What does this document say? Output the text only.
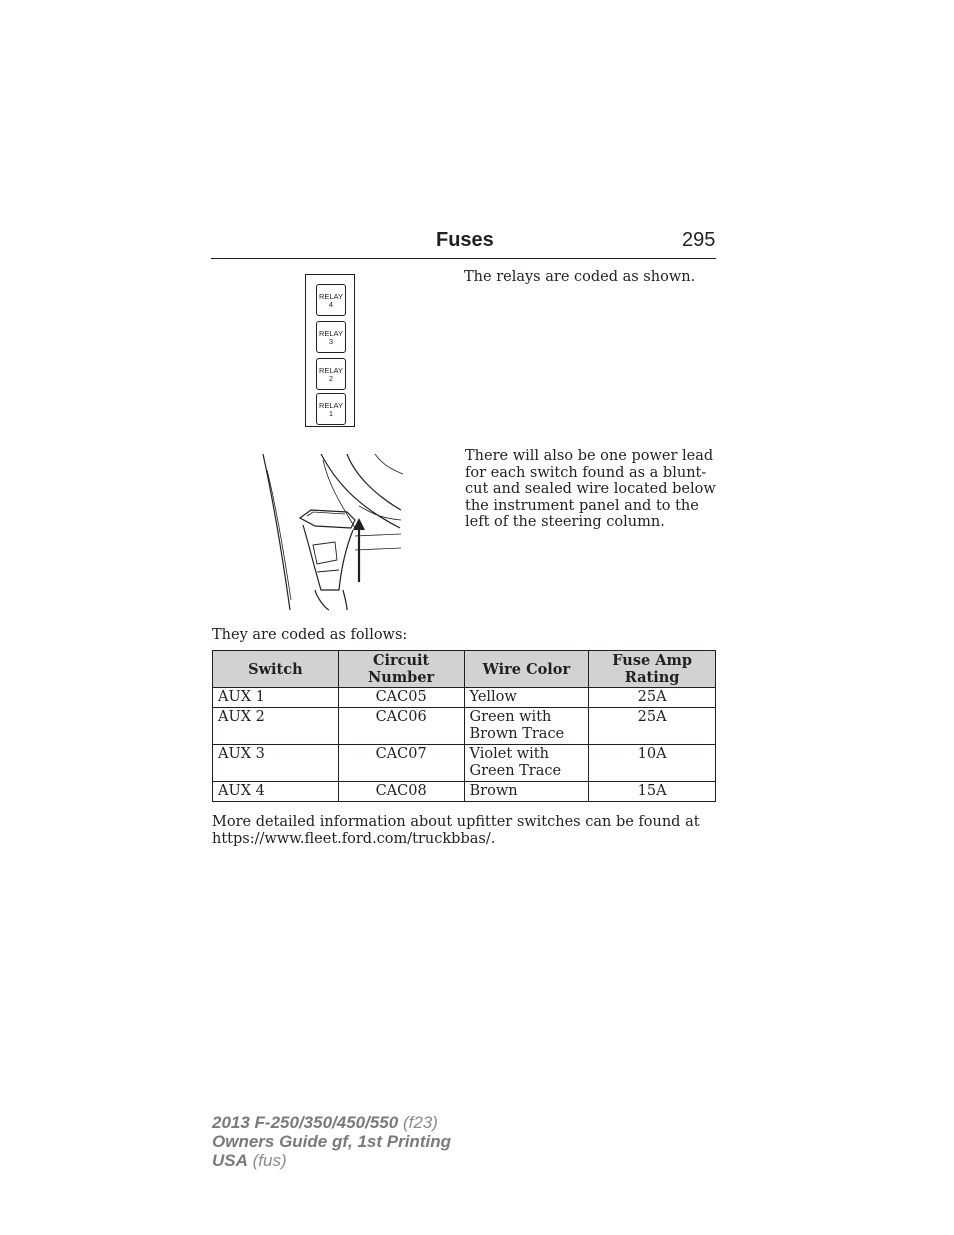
Fuses	295
RELAY
4
RELAY
3
RELAY
2
RELAY
1
The relays are coded as shown.
There will also be one power lead for each switch found as a blunt-cut and sealed wire located below the instrument panel and to the left of the steering column.
They are coded as follows:
Switch	Circuit Number	Wire Color	Fuse Amp Rating
AUX 1	CAC05	Yellow	25A
AUX 2	CAC06	Green with Brown Trace	25A
AUX 3	CAC07	Violet with Green Trace	10A
AUX 4	CAC08	Brown	15A
More detailed information about upfitter switches can be found at https://www.fleet.ford.com/truckbbas/.
2013 F-250/350/450/550 (f23)
Owners Guide gf, 1st Printing
USA (fus)
